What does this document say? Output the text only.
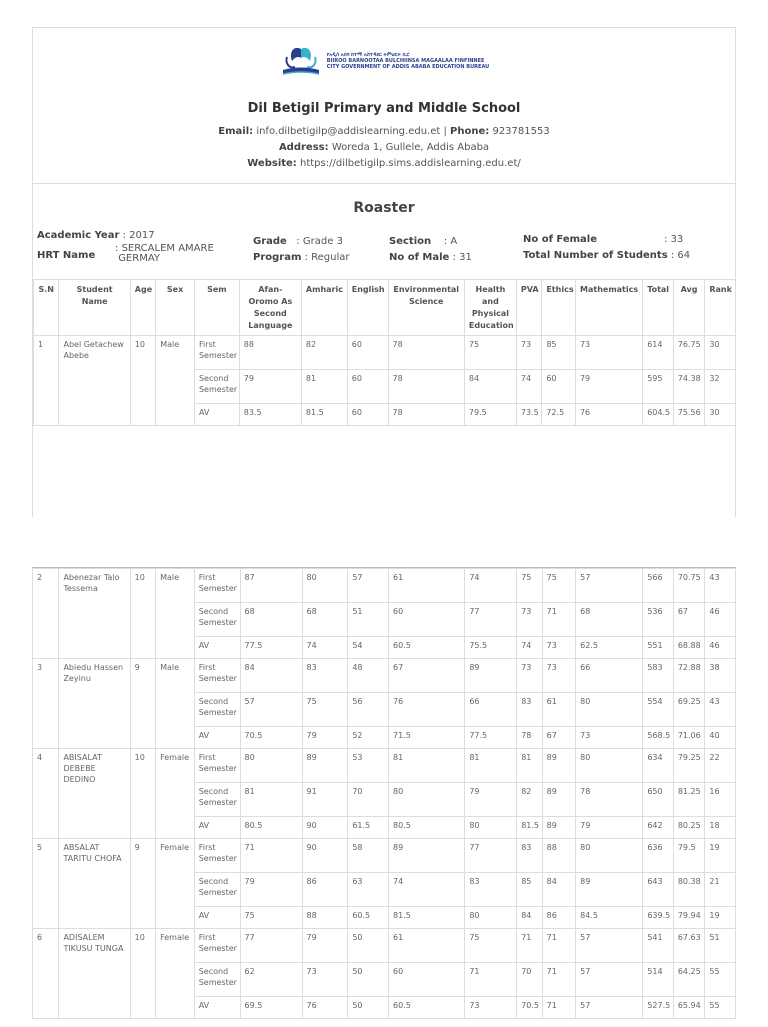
የአዲስ አበባ ከተማ አስተዳደር ትምህርት ቢሮ
BIIROO BARNOOTAA BULCHIINSA MAGAALAA FINFINNEE
CITY GOVERNMENT OF ADDIS ABABA EDUCATION BUREAU
Dil Betigil Primary and Middle School
Email: info.dilbetigilp@addislearning.edu.et | Phone: 923781553
Address: Woreda 1, Gullele, Addis Ababa
Website: https://dilbetigilp.sims.addislearning.edu.et/
Roaster
Academic Year : 2017
HRT Name
: SERCALEM AMARE
GERMAY
Grade   : Grade 3
Program : Regular
Section    : A
No of Male : 31
No of Female	: 33
Total Number of Students : 64
S.N	Student Name	Age	Sex	Sem	Afan-Oromo As Second Language	Amharic	English	Environmental Science	Health and Physical Education	PVA	Ethics	Mathematics	Total	Avg	Rank
1	Abel Getachew Abebe	10	Male	First Semester	88	82	60	78	75	73	85	73	614	76.75	30
				Second Semester	79	81	60	78	84	74	60	79	595	74.38	32
				AV	83.5	81.5	60	78	79.5	73.5	72.5	76	604.5	75.56	30
2	Abenezar Talo Tessema	10	Male	First Semester	87	80	57	61	74	75	75	57	566	70.75	43
				Second Semester	68	68	51	60	77	73	71	68	536	67	46
				AV	77.5	74	54	60.5	75.5	74	73	62.5	551	68.88	46
3	Abiedu Hassen Zeyinu	9	Male	First Semester	84	83	48	67	89	73	73	66	583	72.88	38
				Second Semester	57	75	56	76	66	83	61	80	554	69.25	43
				AV	70.5	79	52	71.5	77.5	78	67	73	568.5	71.06	40
4	ABISALAT DEBEBE DEDINO	10	Female	First Semester	80	89	53	81	81	81	89	80	634	79.25	22
				Second Semester	81	91	70	80	79	82	89	78	650	81.25	16
				AV	80.5	90	61.5	80.5	80	81.5	89	79	642	80.25	18
5	ABSALAT TARITU CHOFA	9	Female	First Semester	71	90	58	89	77	83	88	80	636	79.5	19
				Second Semester	79	86	63	74	83	85	84	89	643	80.38	21
				AV	75	88	60.5	81.5	80	84	86	84.5	639.5	79.94	19
6	ADISALEM TIKUSU TUNGA	10	Female	First Semester	77	79	50	61	75	71	71	57	541	67.63	51
				Second Semester	62	73	50	60	71	70	71	57	514	64.25	55
				AV	69.5	76	50	60.5	73	70.5	71	57	527.5	65.94	55
